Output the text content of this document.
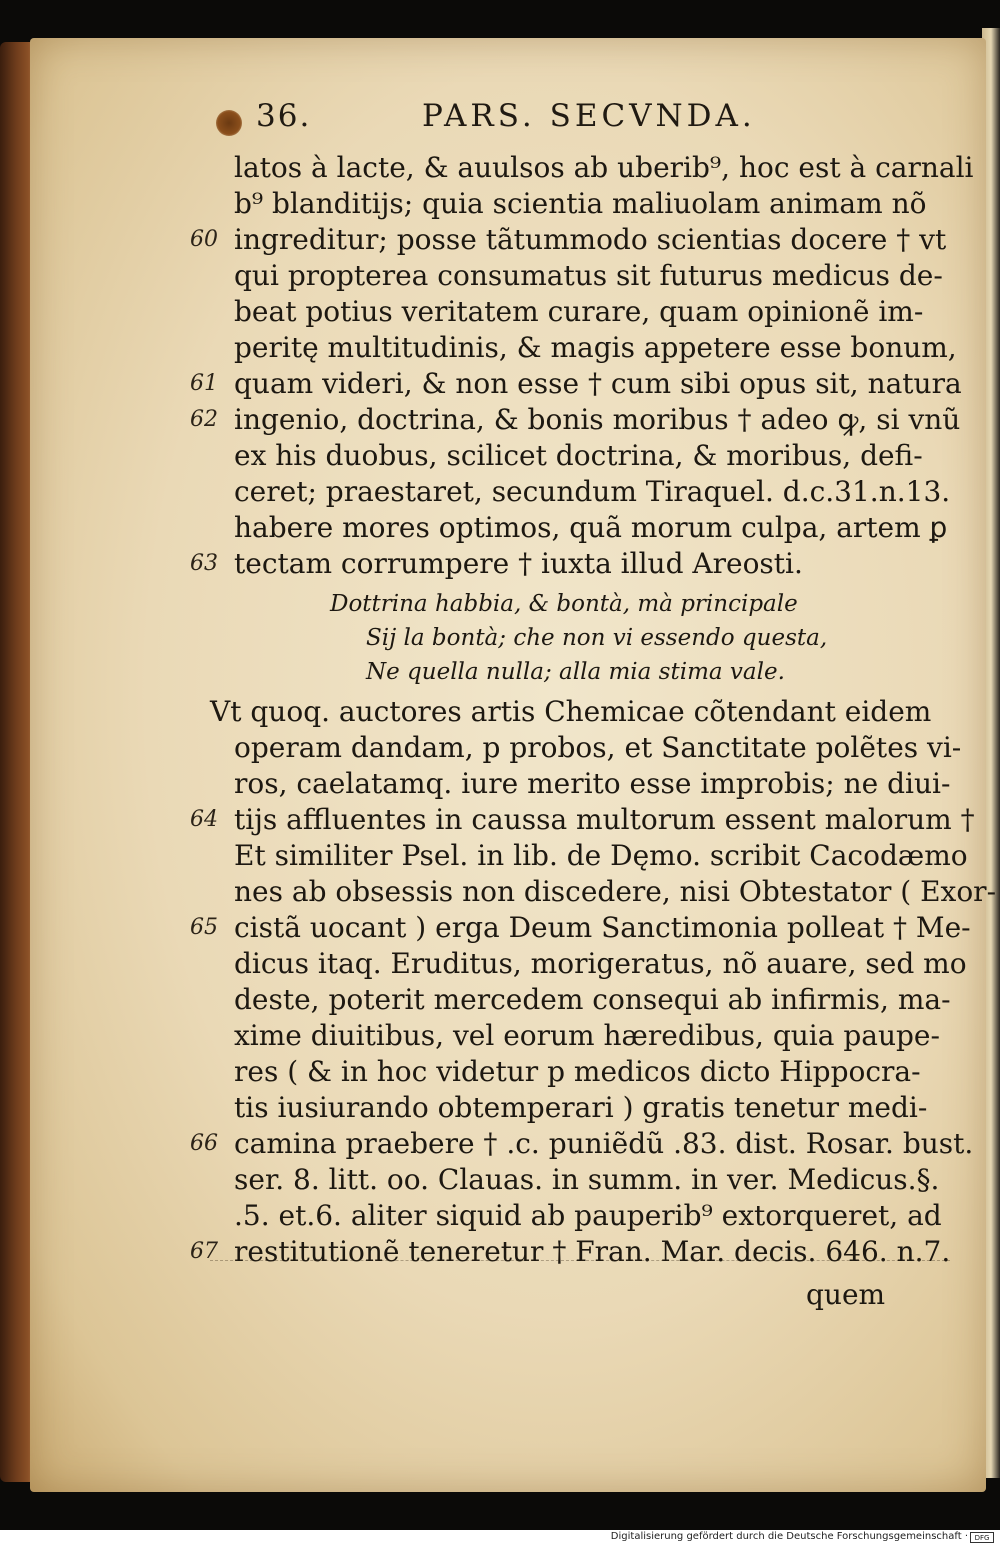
36.	PARS. SECVNDA.
latos à lacte, & auulsos ab uberib⁹, hoc est à carnali
b⁹ blanditijs; quia scientia maliuolam animam nõ
60 ingreditur; posse tãtummodo scientias docere † vt
qui propterea consumatus sit futurus medicus de-
beat potius veritatem curare, quam opinionẽ im-
peritę multitudinis, & magis appetere esse bonum,
61 quam videri, & non esse † cum sibi opus sit, natura
62 ingenio, doctrina, & bonis moribus † adeo ꝙ, si vnũ
ex his duobus, scilicet doctrina, & moribus, defi-
ceret; praestaret, secundum Tiraquel. d.c.31.n.13.
habere mores optimos, quã morum culpa, artem ꝑ
63 tectam corrumpere † iuxta illud Areosti.
Dottrina habbia, & bontà, mà principale
Sij la bontà; che non vi essendo questa,
Ne quella nulla; alla mia stima vale.
Vt quoq. auctores artis Chemicae cõtendant eidem
operam dandam, p probos, et Sanctitate polẽtes vi-
ros, caelatamq. iure merito esse improbis; ne diui-
64 tijs affluentes in caussa multorum essent malorum †
Et similiter Psel. in lib. de Dęmo. scribit Cacodæmo
nes ab obsessis non discedere, nisi Obtestator ( Exor-
65 cistã uocant ) erga Deum Sanctimonia polleat † Me-
dicus itaq. Eruditus, morigeratus, nõ auare, sed mo
deste, poterit mercedem consequi ab infirmis, ma-
xime diuitibus, vel eorum hæredibus, quia paupe-
res ( & in hoc videtur p medicos dicto Hippocra-
tis iusiurando obtemperari ) gratis tenetur medi-
66 camina praebere † .c. puniẽdũ .83. dist. Rosar. bust.
ser. 8. litt. oo. Clauas. in summ. in ver. Medicus.§.
.5. et.6. aliter siquid ab pauperib⁹ extorqueret, ad
67 restitutionẽ teneretur † Fran. Mar. decis. 646. n.7.
quem
Digitalisierung gefördert durch die Deutsche Forschungsgemeinschaft · DFG
